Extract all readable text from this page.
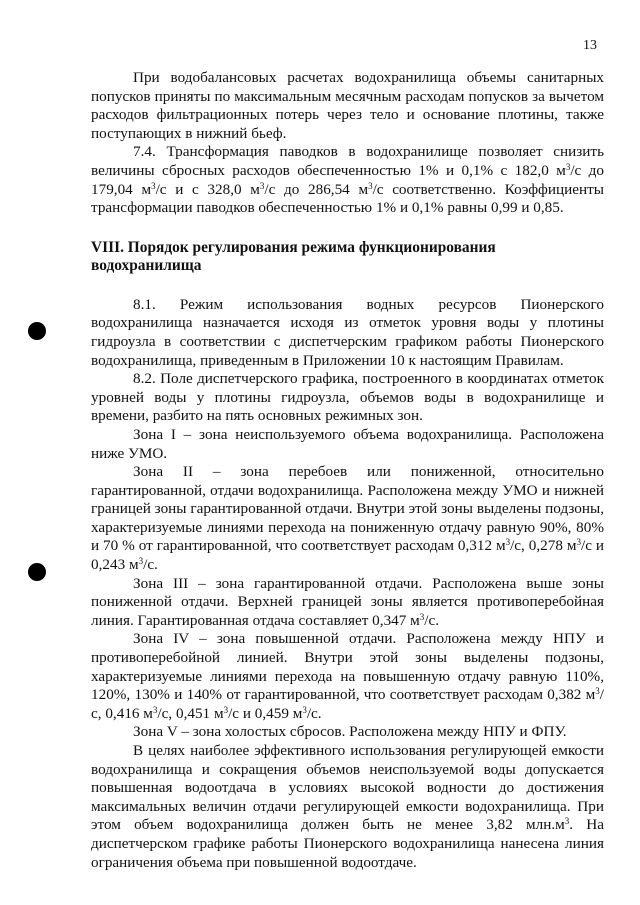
13

При водобалансовых расчетах водохранилища объемы санитарных попусков приняты по максимальным месячным расходам попусков за вычетом расходов фильтрационных потерь через тело и основание плотины, также поступающих в нижний бьеф.

7.4. Трансформация паводков в водохранилище позволяет снизить величины сбросных расходов обеспеченностью 1% и 0,1% с 182,0 $м^3/с$ до 179,04 $м^3/с$ и с 328,0 $м^3/с$ до 286,54 $м^3/с$ соответственно. Коэффициенты трансформации паводков обеспеченностью 1% и 0,1% равны 0,99 и 0,85.

VIII. Порядок регулирования режима функционирования водохранилища

8.1. Режим использования водных ресурсов Пионерского водохранилища назначается исходя из отметок уровня воды у плотины гидроузла в соответствии с диспетчерским графиком работы Пионерского водохранилища, приведенным в Приложении 10 к настоящим Правилам.

8.2. Поле диспетчерского графика, построенного в координатах отметок уровней воды у плотины гидроузла, объемов воды в водохранилище и времени, разбито на пять основных режимных зон.

Зона I – зона неиспользуемого объема водохранилища. Расположена ниже УМО.

Зона II – зона перебоев или пониженной, относительно гарантированной, отдачи водохранилища. Расположена между УМО и нижней границей зоны гарантированной отдачи. Внутри этой зоны выделены подзоны, характеризуемые линиями перехода на пониженную отдачу равную 90%, 80% и 70 % от гарантированной, что соответствует расходам 0,312 $м^3/с$, 0,278 $м^3/с$ и 0,243 $м^3/с$.

Зона III – зона гарантированной отдачи. Расположена выше зоны пониженной отдачи. Верхней границей зоны является противоперебойная линия. Гарантированная отдача составляет 0,347 $м^3/с$.

Зона IV – зона повышенной отдачи. Расположена между НПУ и противоперебойной линией. Внутри этой зоны выделены подзоны, характеризуемые линиями перехода на повышенную отдачу равную 110%, 120%, 130% и 140% от гарантированной, что соответствует расходам 0,382 $м^3/с$, 0,416 $м^3/с$, 0,451 $м^3/с$ и 0,459 $м^3/с$.

Зона V – зона холостых сбросов. Расположена между НПУ и ФПУ.

В целях наиболее эффективного использования регулирующей емкости водохранилища и сокращения объемов неиспользуемой воды допускается повышенная водоотдача в условиях высокой водности до достижения максимальных величин отдачи регулирующей емкости водохранилища. При этом объем водохранилища должен быть не менее 3,82 $млн.м^3$. На диспетчерском графике работы Пионерского водохранилища нанесена линия ограничения объема при повышенной водоотдаче.
